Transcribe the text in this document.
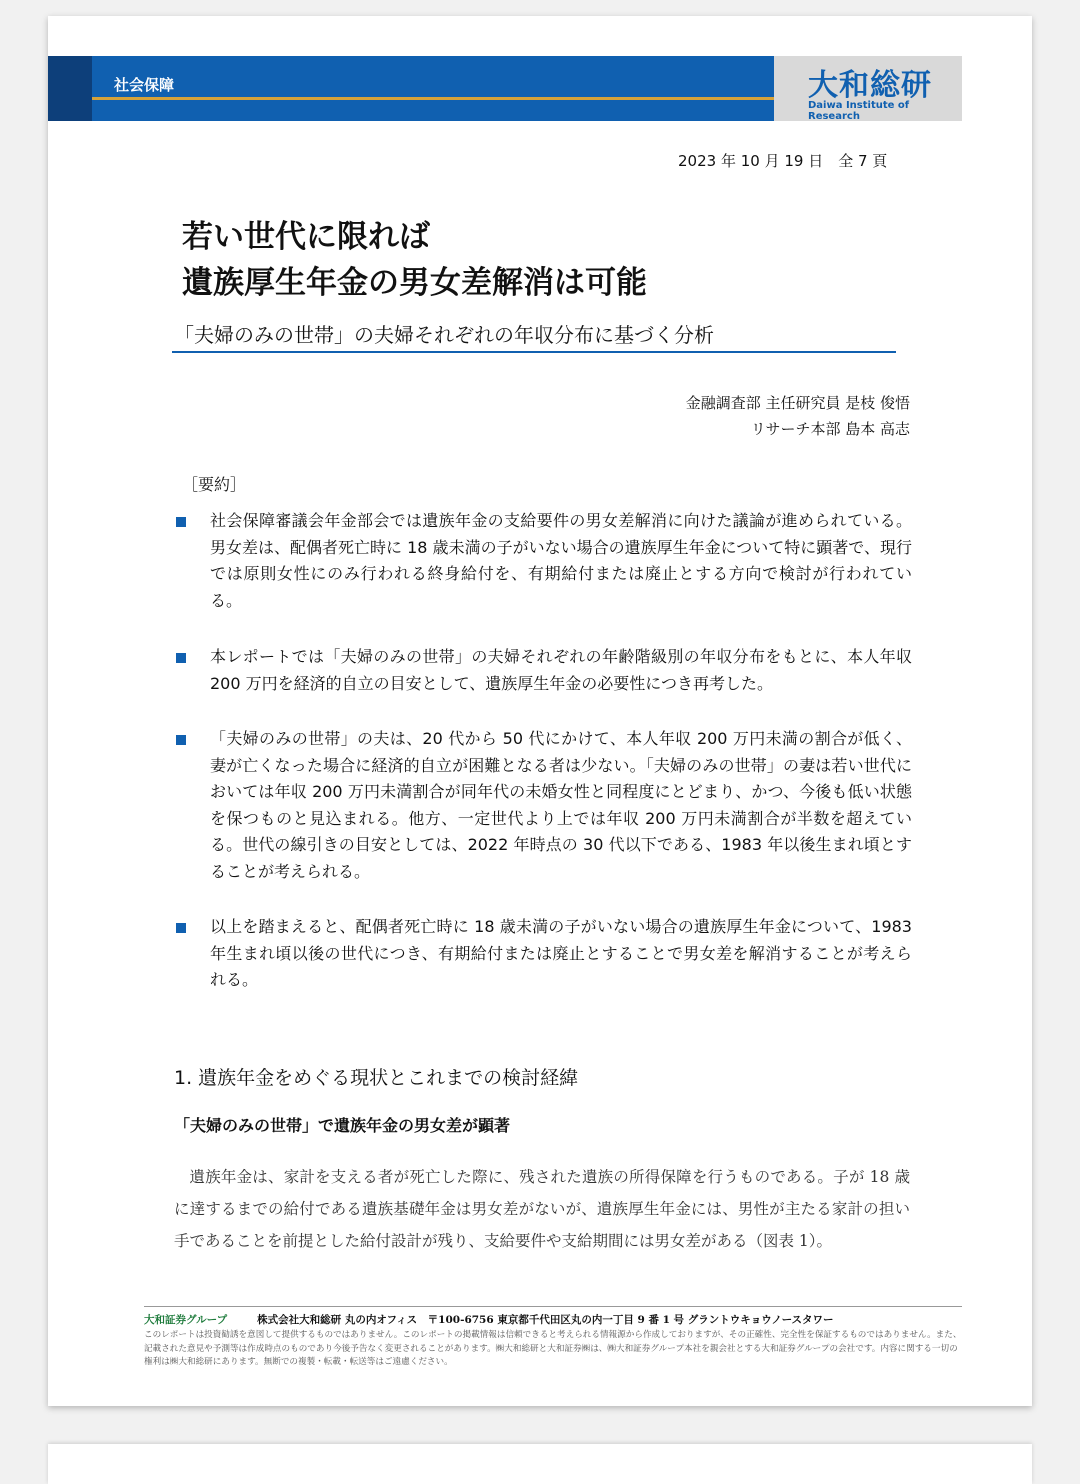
社会保障	大和総研
Daiwa Institute of Research
2023 年 10 月 19 日　全 7 頁
若い世代に限れば
遺族厚生年金の男女差解消は可能
「夫婦のみの世帯」の夫婦それぞれの年収分布に基づく分析
金融調査部 主任研究員 是枝 俊悟
リサーチ本部 島本 高志
［要約］
社会保障審議会年金部会では遺族年金の支給要件の男女差解消に向けた議論が進められている。男女差は、配偶者死亡時に 18 歳未満の子がいない場合の遺族厚生年金について特に顕著で、現行では原則女性にのみ行われる終身給付を、有期給付または廃止とする方向で検討が行われている。
本レポートでは「夫婦のみの世帯」の夫婦それぞれの年齢階級別の年収分布をもとに、本人年収 200 万円を経済的自立の目安として、遺族厚生年金の必要性につき再考した。
「夫婦のみの世帯」の夫は、20 代から 50 代にかけて、本人年収 200 万円未満の割合が低く、妻が亡くなった場合に経済的自立が困難となる者は少ない。「夫婦のみの世帯」の妻は若い世代においては年収 200 万円未満割合が同年代の未婚女性と同程度にとどまり、かつ、今後も低い状態を保つものと見込まれる。他方、一定世代より上では年収 200 万円未満割合が半数を超えている。世代の線引きの目安としては、2022 年時点の 30 代以下である、1983 年以後生まれ頃とすることが考えられる。
以上を踏まえると、配偶者死亡時に 18 歳未満の子がいない場合の遺族厚生年金について、1983 年生まれ頃以後の世代につき、有期給付または廃止とすることで男女差を解消することが考えられる。
1. 遺族年金をめぐる現状とこれまでの検討経緯
「夫婦のみの世帯」で遺族年金の男女差が顕著
遺族年金は、家計を支える者が死亡した際に、残された遺族の所得保障を行うものである。子が 18 歳に達するまでの給付である遺族基礎年金は男女差がないが、遺族厚生年金には、男性が主たる家計の担い手であることを前提とした給付設計が残り、支給要件や支給期間には男女差がある（図表 1）。
大和証券グループ	株式会社大和総研 丸の内オフィス　〒100-6756 東京都千代田区丸の内一丁目 9 番 1 号 グラントウキョウノースタワー
このレポートは投資勧誘を意図して提供するものではありません。このレポートの掲載情報は信頼できると考えられる情報源から作成しておりますが、その正確性、完全性を保証するものではありません。また、記載された意見や予測等は作成時点のものであり今後予告なく変更されることがあります。㈱大和総研と大和証券㈱は、㈱大和証券グループ本社を親会社とする大和証券グループの会社です。内容に関する一切の権利は㈱大和総研にあります。無断での複製・転載・転送等はご遠慮ください。
